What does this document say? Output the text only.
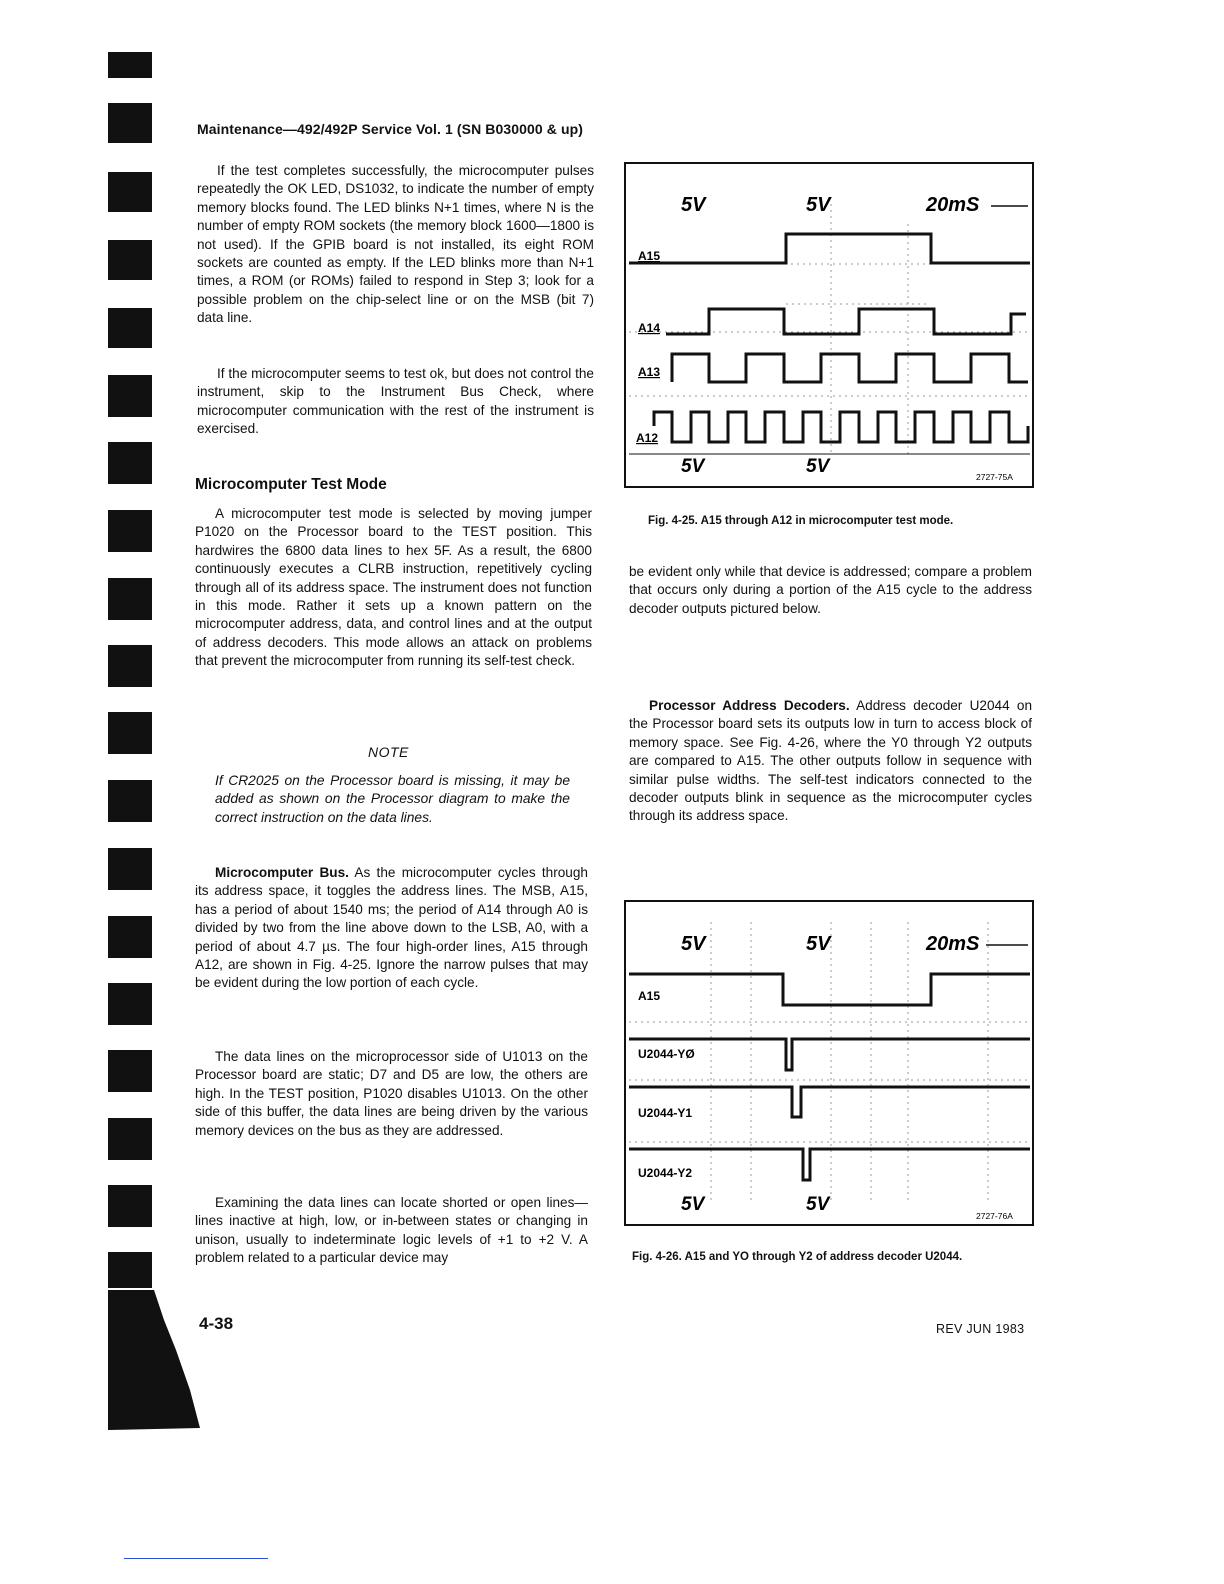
Maintenance—492/492P Service Vol. 1 (SN B030000 & up)
If the test completes successfully, the microcomputer pulses repeatedly the OK LED, DS1032, to indicate the number of empty memory blocks found. The LED blinks N+1 times, where N is the number of empty ROM sockets (the memory block 1600—1800 is not used). If the GPIB board is not installed, its eight ROM sockets are counted as empty. If the LED blinks more than N+1 times, a ROM (or ROMs) failed to respond in Step 3; look for a possible problem on the chip-select line or on the MSB (bit 7) data line.
If the microcomputer seems to test ok, but does not control the instrument, skip to the Instrument Bus Check, where microcomputer communication with the rest of the instrument is exercised.
Microcomputer Test Mode
A microcomputer test mode is selected by moving jumper P1020 on the Processor board to the TEST position. This hardwires the 6800 data lines to hex 5F. As a result, the 6800 continuously executes a CLRB instruction, repetitively cycling through all of its address space. The instrument does not function in this mode. Rather it sets up a known pattern on the microcomputer address, data, and control lines and at the output of address decoders. This mode allows an attack on problems that prevent the microcomputer from running its self-test check.
NOTE
If CR2025 on the Processor board is missing, it may be added as shown on the Processor diagram to make the correct instruction on the data lines.
Microcomputer Bus. As the microcomputer cycles through its address space, it toggles the address lines. The MSB, A15, has a period of about 1540 ms; the period of A14 through A0 is divided by two from the line above down to the LSB, A0, with a period of about 4.7 µs. The four high-order lines, A15 through A12, are shown in Fig. 4-25. Ignore the narrow pulses that may be evident during the low portion of each cycle.
The data lines on the microprocessor side of U1013 on the Processor board are static; D7 and D5 are low, the others are high. In the TEST position, P1020 disables U1013. On the other side of this buffer, the data lines are being driven by the various memory devices on the bus as they are addressed.
Examining the data lines can locate shorted or open lines—lines inactive at high, low, or in-between states or changing in unison, usually to indeterminate logic levels of +1 to +2 V. A problem related to a particular device may
5V	5V	20mS
A15
A14
A13
A12
5V	5V	2727-75A
Fig. 4-25. A15 through A12 in microcomputer test mode.
be evident only while that device is addressed; compare a problem that occurs only during a portion of the A15 cycle to the address decoder outputs pictured below.
Processor Address Decoders. Address decoder U2044 on the Processor board sets its outputs low in turn to access block of memory space. See Fig. 4-26, where the Y0 through Y2 outputs are compared to A15. The other outputs follow in sequence with similar pulse widths. The self-test indicators connected to the decoder outputs blink in sequence as the microcomputer cycles through its address space.
5V	5V	20mS
A15
U2044-YØ
U2044-Y1
U2044-Y2
5V	5V
2727-76A
Fig. 4-26. A15 and YO through Y2 of address decoder U2044.
4-38	REV JUN 1983
